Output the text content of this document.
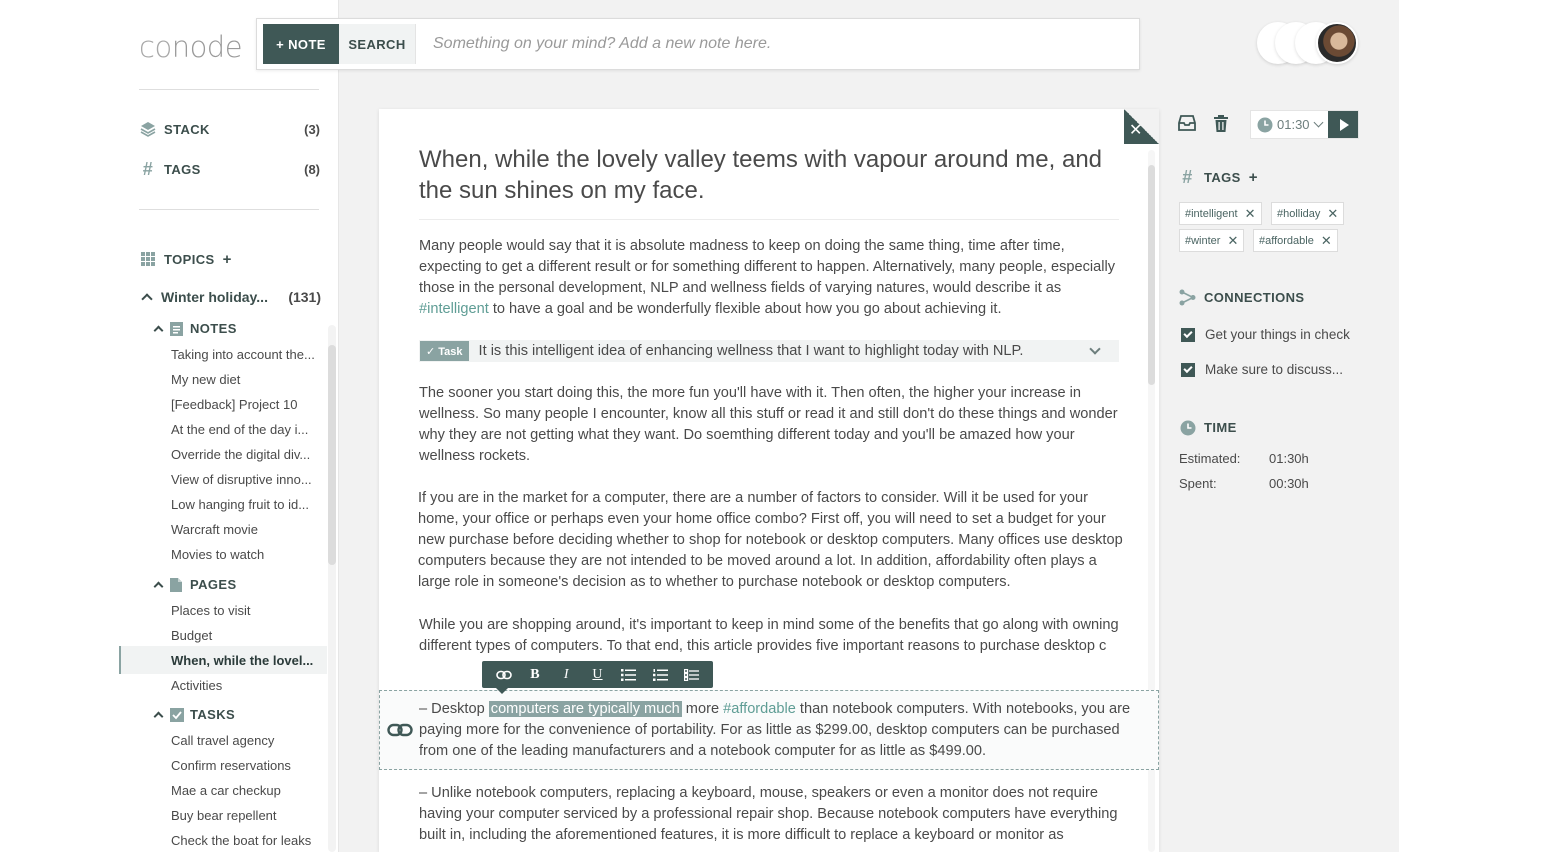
conode
STACK	(3)
# TAGS	(8)
TOPICS +
Winter holiday... (131)
NOTES
Taking into account the...
My new diet
[Feedback] Project 10
At the end of the day i...
Override the digital div...
View of disruptive inno...
Low hanging fruit to id...
Warcraft movie
Movies to watch
PAGES
Places to visit
Budget
When, while the lovel...
Activities
TASKS
Call travel agency
Confirm reservations
Mae a car checkup
Buy bear repellent
Check the boat for leaks
+ NOTE	SEARCH
Something on your mind? Add a new note here.
✕
When, while the lovely valley teems with vapour around me, and the sun shines on my face.
Many people would say that it is absolute madness to keep on doing the same thing, time after time, expecting to get a different result or for something different to happen. Alternatively, many people, especially those in the personal development, NLP and wellness fields of varying natures, would describe it as #intelligent to have a goal and be wonderfully flexible about how you go about achieving it.
✓ Task	It is this intelligent idea of enhancing wellness that I want to highlight today with NLP.
The sooner you start doing this, the more fun you'll have with it. Then often, the higher your increase in wellness. So many people I encounter, know all this stuff or read it and still don't do these things and wonder why they are not getting what they want. Do soemthing different today and you'll be amazed how your wellness rockets.
If you are in the market for a computer, there are a number of factors to consider. Will it be used for your home, your office or perhaps even your home office combo? First off, you will need to set a budget for your new purchase before deciding whether to shop for notebook or desktop computers. Many offices use desktop computers because they are not intended to be moved around a lot. In addition, affordability often plays a large role in someone's decision as to whether to purchase notebook or desktop computers.
While you are shopping around, it's important to keep in mind some of the benefits that go along with owning different types of computers. To that end, this article provides five important reasons to purchase desktop c
– Desktop computers are typically much more #affordable than notebook computers. With notebooks, you are paying more for the convenience of portability. For as little as $299.00, desktop computers can be purchased from one of the leading manufacturers and a notebook computer for as little as $499.00.
– Unlike notebook computers, replacing a keyboard, mouse, speakers or even a monitor does not require having your computer serviced by a professional repair shop. Because notebook computers have everything built in, including the aforementioned features, it is more difficult to replace a keyboard or monitor as
B	I	U
01:30
# TAGS +
#intelligent ✕ #holliday ✕
#winter ✕ #affordable ✕
CONNECTIONS
Get your things in check
Make sure to discuss...
TIME
Estimated:	01:30h
Spent:	00:30h
